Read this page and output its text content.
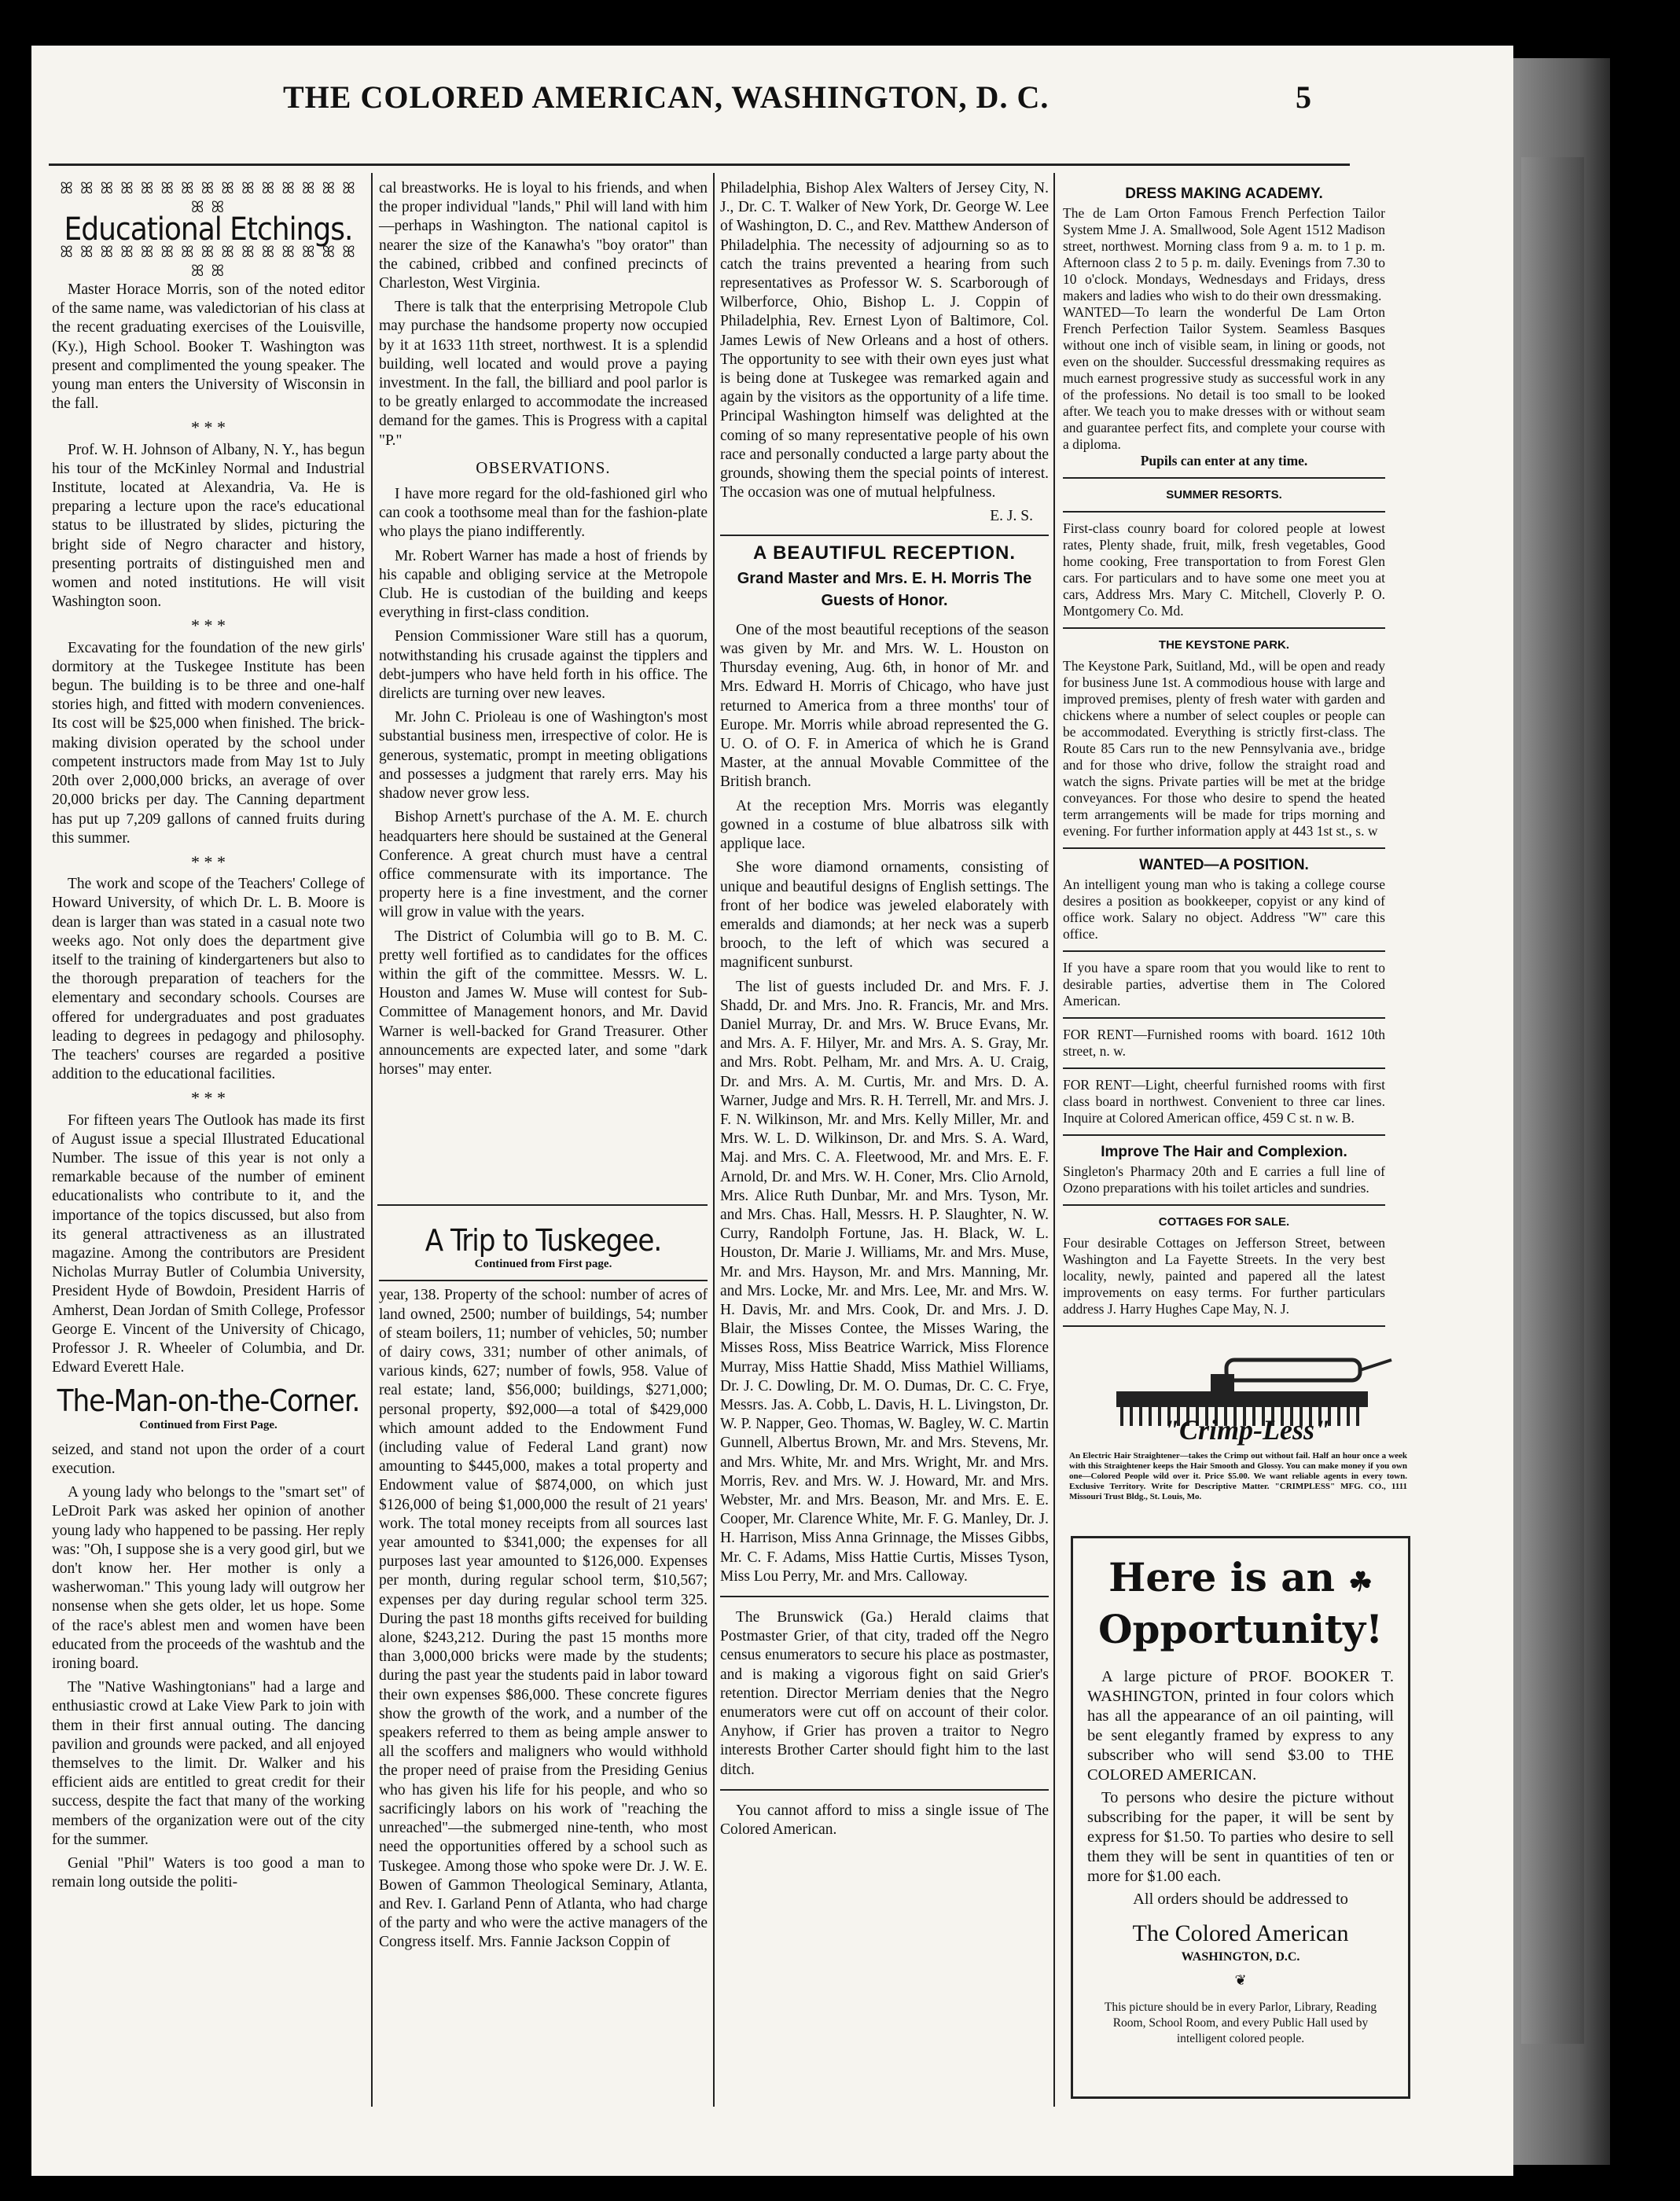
THE COLORED AMERICAN, WASHINGTON, D. C.	5
ꕤ ꕤ ꕤ ꕤ ꕤ ꕤ ꕤ ꕤ ꕤ ꕤ ꕤ ꕤ ꕤ ꕤ ꕤ ꕤ ꕤ
Educational Etchings.
ꕤ ꕤ ꕤ ꕤ ꕤ ꕤ ꕤ ꕤ ꕤ ꕤ ꕤ ꕤ ꕤ ꕤ ꕤ ꕤ ꕤ

Master Horace Morris, son of the noted editor of the same name, was valedictorian of his class at the recent graduating exercises of the Louisville, (Ky.), High School. Booker T. Washington was present and complimented the young speaker. The young man enters the University of Wisconsin in the fall.

* * *

Prof. W. H. Johnson of Albany, N. Y., has begun his tour of the McKinley Normal and Industrial Institute, located at Alexandria, Va. He is preparing a lecture upon the race's educational status to be illustrated by slides, picturing the bright side of Negro character and history, presenting portraits of distinguished men and women and noted institutions. He will visit Washington soon.

* * *

Excavating for the foundation of the new girls' dormitory at the Tuskegee Institute has been begun. The building is to be three and one-half stories high, and fitted with modern conveniences. Its cost will be $25,000 when finished. The brick-making division operated by the school under competent instructors made from May 1st to July 20th over 2,000,000 bricks, an average of over 20,000 bricks per day. The Canning department has put up 7,209 gallons of canned fruits during this summer.

* * *

The work and scope of the Teachers' College of Howard University, of which Dr. L. B. Moore is dean is larger than was stated in a casual note two weeks ago. Not only does the department give itself to the training of kindergarteners but also to the thorough preparation of teachers for the elementary and secondary schools. Courses are offered for undergraduates and post graduates leading to degrees in pedagogy and philosophy. The teachers' courses are regarded a positive addition to the educational facilities.

* * *

For fifteen years The Outlook has made its first of August issue a special Illustrated Educational Number. The issue of this year is not only a remarkable because of the number of eminent educationalists who contribute to it, and the importance of the topics discussed, but also from its general attractiveness as an illustrated magazine. Among the contributors are President Nicholas Murray Butler of Columbia University, President Hyde of Bowdoin, President Harris of Amherst, Dean Jordan of Smith College, Professor George E. Vincent of the University of Chicago, Professor J. R. Wheeler of Columbia, and Dr. Edward Everett Hale.

The-Man-on-the-Corner.
Continued from First Page.

seized, and stand not upon the order of a court execution.

A young lady who belongs to the "smart set" of LeDroit Park was asked her opinion of another young lady who happened to be passing. Her reply was: "Oh, I suppose she is a very good girl, but we don't know her. Her mother is only a washerwoman." This young lady will outgrow her nonsense when she gets older, let us hope. Some of the race's ablest men and women have been educated from the proceeds of the washtub and the ironing board.

The "Native Washingtonians" had a large and enthusiastic crowd at Lake View Park to join with them in their first annual outing. The dancing pavilion and grounds were packed, and all enjoyed themselves to the limit. Dr. Walker and his efficient aids are entitled to great credit for their success, despite the fact that many of the working members of the organization were out of the city for the summer.

Genial "Phil" Waters is too good a man to remain long outside the politi-

cal breastworks. He is loyal to his friends, and when the proper individual "lands," Phil will land with him—perhaps in Washington. The national capitol is nearer the size of the Kanawha's "boy orator" than the cabined, cribbed and confined precincts of Charleston, West Virginia.

There is talk that the enterprising Metropole Club may purchase the handsome property now occupied by it at 1633 11th street, northwest. It is a splendid building, well located and would prove a paying investment. In the fall, the billiard and pool parlor is to be greatly enlarged to accommodate the increased demand for the games. This is Progress with a capital "P."

OBSERVATIONS.

I have more regard for the old-fashioned girl who can cook a toothsome meal than for the fashion-plate who plays the piano indifferently.

Mr. Robert Warner has made a host of friends by his capable and obliging service at the Metropole Club. He is custodian of the building and keeps everything in first-class condition.

Pension Commissioner Ware still has a quorum, notwithstanding his crusade against the tipplers and debt-jumpers who have held forth in his office. The direlicts are turning over new leaves.

Mr. John C. Prioleau is one of Washington's most substantial business men, irrespective of color. He is generous, systematic, prompt in meeting obligations and possesses a judgment that rarely errs. May his shadow never grow less.

Bishop Arnett's purchase of the A. M. E. church headquarters here should be sustained at the General Conference. A great church must have a central office commensurate with its importance. The property here is a fine investment, and the corner will grow in value with the years.

The District of Columbia will go to B. M. C. pretty well fortified as to candidates for the offices within the gift of the committee. Messrs. W. L. Houston and James W. Muse will contest for Sub-Committee of Management honors, and Mr. David Warner is well-backed for Grand Treasurer. Other announcements are expected later, and some "dark horses" may enter.

A Trip to Tuskegee.
Continued from First page.

year, 138. Property of the school: number of acres of land owned, 2500; number of buildings, 54; number of steam boilers, 11; number of vehicles, 50; number of dairy cows, 331; number of other animals, of various kinds, 627; number of fowls, 958. Value of real estate; land, $56,000; buildings, $271,000; personal property, $92,000—a total of $429,000 which amount added to the Endowment Fund (including value of Federal Land grant) now amounting to $445,000, makes a total property and Endowment value of $874,000, on which just $126,000 of being $1,000,000 the result of 21 years' work. The total money receipts from all sources last year amounted to $341,000; the expenses for all purposes last year amounted to $126,000. Expenses per month, during regular school term, $10,567; expenses per day during regular school term 325. During the past 18 months gifts received for building alone, $243,212. During the past 15 months more than 3,000,000 bricks were made by the students; during the past year the students paid in labor toward their own expenses $86,000. These concrete figures show the growth of the work, and a number of the speakers referred to them as being ample answer to all the scoffers and maligners who would withhold the proper need of praise from the Presiding Genius who has given his life for his people, and who so sacrificingly labors on his work of "reaching the unreached"—the submerged nine-tenth, who most need the opportunities offered by a school such as Tuskegee. Among those who spoke were Dr. J. W. E. Bowen of Gammon Theological Seminary, Atlanta, and Rev. I. Garland Penn of Atlanta, who had charge of the party and who were the active managers of the Congress itself. Mrs. Fannie Jackson Coppin of

Philadelphia, Bishop Alex Walters of Jersey City, N. J., Dr. C. T. Walker of New York, Dr. George W. Lee of Washington, D. C., and Rev. Matthew Anderson of Philadelphia. The necessity of adjourning so as to catch the trains prevented a hearing from such representatives as Professor W. S. Scarborough of Wilberforce, Ohio, Bishop L. J. Coppin of Philadelphia, Rev. Ernest Lyon of Baltimore, Col. James Lewis of New Orleans and a host of others. The opportunity to see with their own eyes just what is being done at Tuskegee was remarked again and again by the visitors as the opportunity of a life time. Principal Washington himself was delighted at the coming of so many representative people of his own race and personally conducted a large party about the grounds, showing them the special points of interest. The occasion was one of mutual helpfulness.

E. J. S.
A BEAUTIFUL RECEPTION.
Grand Master and Mrs. E. H. Morris The Guests of Honor.

One of the most beautiful receptions of the season was given by Mr. and Mrs. W. L. Houston on Thursday evening, Aug. 6th, in honor of Mr. and Mrs. Edward H. Morris of Chicago, who have just returned to America from a three months' tour of Europe. Mr. Morris while abroad represented the G. U. O. of O. F. in America of which he is Grand Master, at the annual Movable Committee of the British branch.

At the reception Mrs. Morris was elegantly gowned in a costume of blue albatross silk with applique lace.

She wore diamond ornaments, consisting of unique and beautiful designs of English settings. The front of her bodice was jeweled elaborately with emeralds and diamonds; at her neck was a superb brooch, to the left of which was secured a magnificent sunburst.

The list of guests included Dr. and Mrs. F. J. Shadd, Dr. and Mrs. Jno. R. Francis, Mr. and Mrs. Daniel Murray, Dr. and Mrs. W. Bruce Evans, Mr. and Mrs. A. F. Hilyer, Mr. and Mrs. A. S. Gray, Mr. and Mrs. Robt. Pelham, Mr. and Mrs. A. U. Craig, Dr. and Mrs. A. M. Curtis, Mr. and Mrs. D. A. Warner, Judge and Mrs. R. H. Terrell, Mr. and Mrs. J. F. N. Wilkinson, Mr. and Mrs. Kelly Miller, Mr. and Mrs. W. L. D. Wilkinson, Dr. and Mrs. S. A. Ward, Maj. and Mrs. C. A. Fleetwood, Mr. and Mrs. E. F. Arnold, Dr. and Mrs. W. H. Coner, Mrs. Clio Arnold, Mrs. Alice Ruth Dunbar, Mr. and Mrs. Tyson, Mr. and Mrs. Chas. Hall, Messrs. H. P. Slaughter, N. W. Curry, Randolph Fortune, Jas. H. Black, W. L. Houston, Dr. Marie J. Williams, Mr. and Mrs. Muse, Mr. and Mrs. Hayson, Mr. and Mrs. Manning, Mr. and Mrs. Locke, Mr. and Mrs. Lee, Mr. and Mrs. W. H. Davis, Mr. and Mrs. Cook, Dr. and Mrs. J. D. Blair, the Misses Contee, the Misses Waring, the Misses Ross, Miss Beatrice Warrick, Miss Florence Murray, Miss Hattie Shadd, Miss Mathiel Williams, Dr. J. C. Dowling, Dr. M. O. Dumas, Dr. C. C. Frye, Messrs. Jas. A. Cobb, L. Davis, H. L. Livingston, Dr. W. P. Napper, Geo. Thomas, W. Bagley, W. C. Martin Gunnell, Albertus Brown, Mr. and Mrs. Stevens, Mr. and Mrs. White, Mr. and Mrs. Wright, Mr. and Mrs. Morris, Rev. and Mrs. W. J. Howard, Mr. and Mrs. Webster, Mr. and Mrs. Beason, Mr. and Mrs. E. E. Cooper, Mr. Clarence White, Mr. F. G. Manley, Dr. J. H. Harrison, Miss Anna Grinnage, the Misses Gibbs, Mr. C. F. Adams, Miss Hattie Curtis, Misses Tyson, Miss Lou Perry, Mr. and Mrs. Calloway.

The Brunswick (Ga.) Herald claims that Postmaster Grier, of that city, traded off the Negro census enumerators to secure his place as postmaster, and is making a vigorous fight on said Grier's retention. Director Merriam denies that the Negro enumerators were cut off on account of their color. Anyhow, if Grier has proven a traitor to Negro interests Brother Carter should fight him to the last ditch.

You cannot afford to miss a single issue of The Colored American.

DRESS MAKING ACADEMY.

The de Lam Orton Famous French Perfection Tailor System Mme J. A. Smallwood, Sole Agent 1512 Madison street, northwest. Morning class from 9 a. m. to 1 p. m. Afternoon class 2 to 5 p. m. daily. Evenings from 7.30 to 10 o'clock. Mondays, Wednesdays and Fridays, dress makers and ladies who wish to do their own dressmaking.

WANTED—To learn the wonderful De Lam Orton French Perfection Tailor System. Seamless Basques without one inch of visible seam, in lining or goods, not even on the shoulder. Successful dressmaking requires as much earnest progressive study as successful work in any of the professions. No detail is too small to be looked after. We teach you to make dresses with or without seam and guarantee perfect fits, and complete your course with a diploma.

Pupils can enter at any time.

SUMMER RESORTS.

First-class counry board for colored people at lowest rates, Plenty shade, fruit, milk, fresh vegetables, Good home cooking, Free transportation to from Forest Glen cars. For particulars and to have some one meet you at cars, Address Mrs. Mary C. Mitchell, Cloverly P. O. Montgomery Co. Md.

THE KEYSTONE PARK.

The Keystone Park, Suitland, Md., will be open and ready for business June 1st. A commodious house with large and improved premises, plenty of fresh water with garden and chickens where a number of select couples or people can be accommodated. Everything is strictly first-class. The Route 85 Cars run to the new Pennsylvania ave., bridge and for those who drive, follow the straight road and watch the signs. Private parties will be met at the bridge conveyances. For those who desire to spend the heated term arrangements will be made for trips morning and evening. For further information apply at 443 1st st., s. w

WANTED—A POSITION.

An intelligent young man who is taking a college course desires a position as bookkeeper, copyist or any kind of office work. Salary no object. Address "W" care this office.

If you have a spare room that you would like to rent to desirable parties, advertise them in The Colored American.

FOR RENT—Furnished rooms with board. 1612 10th street, n. w.

FOR RENT—Light, cheerful furnished rooms with first class board in northwest. Convenient to three car lines. Inquire at Colored American office, 459 C st. n w. B.

Improve The Hair and Complexion.

Singleton's Pharmacy 20th and E carries a full line of Ozono preparations with his toilet articles and sundries.

COTTAGES FOR SALE.

Four desirable Cottages on Jefferson Street, between Washington and La Fayette Streets. In the very best locality, newly, painted and papered all the latest improvements on easy terms. For further particulars address J. Harry Hughes Cape May, N. J.

"Crimp-Less"
An Electric Hair Straightener—takes the Crimp out without fail. Half an hour once a week with this Straightener keeps the Hair Smooth and Glossy. You can make money if you own one—Colored People wild over it. Price $5.00. We want reliable agents in every town. Exclusive Territory. Write for Descriptive Matter. "CRIMPLESS" MFG. CO., 1111 Missouri Trust Bldg., St. Louis, Mo.
Here is an ☘
Opportunity!

A large picture of PROF. BOOKER T. WASHINGTON, printed in four colors which has all the appearance of an oil painting, will be sent elegantly framed by express to any subscriber who will send $3.00 to THE COLORED AMERICAN.

To persons who desire the picture without subscribing for the paper, it will be sent by express for $1.50. To parties who desire to sell them they will be sent in quantities of ten or more for $1.00 each.

All orders should be addressed to

The Colored American
WASHINGTON, D.C.
❦
This picture should be in every Parlor, Library, Reading Room, School Room, and every Public Hall used by intelligent colored people.
